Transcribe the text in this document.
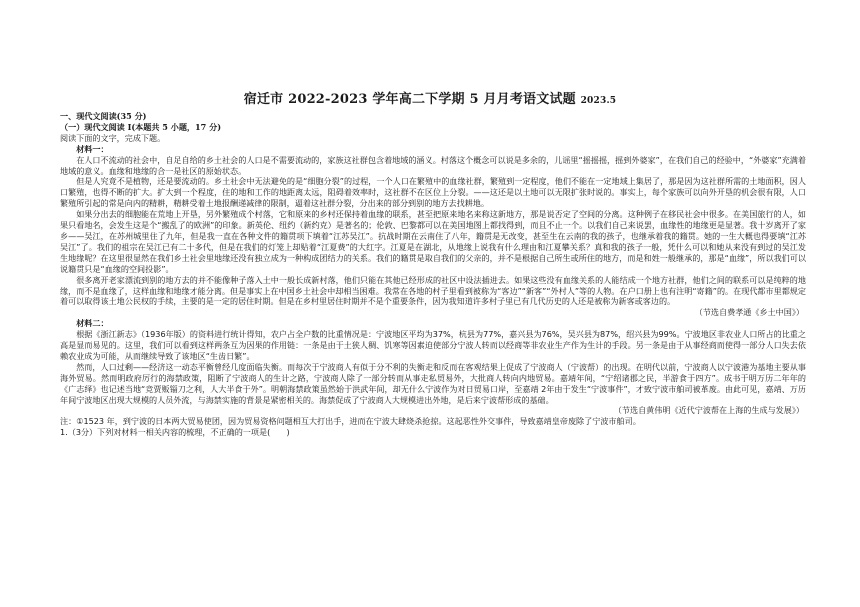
宿迁市 2022-2023 学年高二下学期 5 月月考语文试题 2023.5

一、现代文阅读(35 分)

（一）现代文阅读 I(本题共 5 小题，17 分)

阅读下面的文字，完成下题。

材料一：

在人口不流动的社会中，自足自给的乡土社会的人口是不需要流动的，家族这社群包含着地域的涵义。村落这个概念可以说是多余的，儿谣里“摇摇摇，摇到外婆家”，在我们自己的经验中，“外婆家”充满着地域的意义。血缘和地缘的合一是社区的原始状态。

但是人究竟不是植物，还是要流动的。乡土社会中无法避免的是“细胞分裂”的过程，一个人口在繁殖中的血缘社群，繁殖到一定程度，他们不能在一定地域上集居了，那是因为这社群所需的土地面积，因人口繁殖，也得不断的扩大。扩大到一个程度，住的地和工作的地距离太远，阻碍着效率时，这社群不在区位上分裂。——这还是以土地可以无限扩张时说的。事实上，每个家族可以向外开垦的机会很有限，人口繁殖所引起的常是向内的精耕，精耕受着土地报酬递减律的限制，逼着这社群分裂，分出来的部分到别的地方去找耕地。

如果分出去的细胞能在荒地上开垦，另外繁殖成个村落，它和原来的乡村还保持着血缘的联系，甚至把原来地名来称这新地方，那是说否定了空间的分离。这种例子在移民社会中很多。在美国旅行的人，如果只看地名，会发生这是个“搬乱了的欧洲”的印象。新英伦、纽约（新约克）是著名的；伦敦、巴黎都可以在美国地图上都找得到，而且不止一个。以我们自己来说罢，血缘性的地缘更是显著。我十岁离开了家乡——吴江，在苏州城里住了九年，但是我一直在各种文件的籍贯项下填着“江苏吴江”。抗战时期在云南住了八年，籍贯是无改变，甚至生在云南的我的孩子，也继承着我的籍贯。她的一生大概也得要填“江苏吴江”了。我们的祖宗在吴江已有二十多代，但是在我们的灯笼上却贴着“江夏费”的大红字。江夏是在湖北，从地缘上说我有什么理由和江夏攀关系？真和我的孩子一般，凭什么可以和她从来没有到过的吴江发生地缘呢？在这里很显然在我们乡土社会里地缘还没有独立成为一种构成团结力的关系。我们的籍贯是取自我们的父亲的，并不是根据自己所生或所住的地方，而是和姓一般继承的，那是“血缘”，所以我们可以说籍贯只是“血缘的空间投影”。

很多离开老家漂流到别的地方去的并不能像种子落入土中一般长成新村落，他们只能在其他已经形成的社区中设法插进去。如果这些没有血缘关系的人能结成一个地方社群，他们之间的联系可以是纯粹的地缘，而不是血缘了，这样血缘和地缘才能分离。但是事实上在中国乡土社会中却相当困难。我常在各地的村子里看到被称为“客边”“新客”“外村人”等的人物。在户口册上也有注明“寄籍”的。在现代都市里都规定着可以取得该土地公民权的手续，主要的是一定的居住时期。但是在乡村里居住时期并不是个重要条件，因为我知道许多村子里已有几代历史的人还是被称为新客或客边的。

（节选自费孝通《乡土中国》）

材料二：

根据《浙江新志》（1936年版）的资料进行统计得知，农户占全户数的比重情况是：宁波地区平均为37%，杭县为77%，嘉兴县为76%，吴兴县为87%，绍兴县为99%。宁波地区非农业人口所占的比重之高是显而易见的。这里，我们可以看到这样两条互为因果的作用链：一条是由于土狭人稠、饥寒等因素迫使部分宁波人转而以经商等非农业生产作为生计的手段。另一条是由于从事经商而使得一部分人口失去依赖农业成为可能，从而继续导致了该地区“生齿日繁”。

然而，人口过剩——经济这一动态平衡曾经几度面临失衡。而每次于宁波商人有似于分不利的失衡走和反而在客观结果上促成了宁波商人（宁波帮）的出现。在明代以前，宁波商人以宁波港为基地主要从事海外贸易。然而明政府厉行的海禁政策，阻断了宁波商人的生计之路，宁波商人除了一部分转而从事走私贸易外，大批商人转向内地贸易。嘉靖年间，“宁绍诸郡之民，半游食于四方”。成书于明万历二年年的《广志绎》也记述当地“竞贾贩锱刀之利，人大半食于外”。明朝海禁政策虽然始于洪武年间，却无什么宁波作为对日贸易口岸，至嘉靖 2年由于发生“宁波事件”，才致宁波市舶司被革废。由此可见，嘉靖、万历年间宁波地区出现大规模的人员外流，与海禁实施的背景是紧密相关的。海禁促成了宁波商人大规模进出外地，是后来宁波帮形成的基础。

（节选自黄伟明《近代宁波帮在上海的生成与发展》）

注：①1523 年，到宁波的日本两大贸易使团，因为贸易资格问题相互大打出手，进而在宁波大肆烧杀抢掠。这起恶性外交事件，导致嘉靖皇帝废除了宁波市舶司。

1.（3分）下列对材料一相关内容的梳理，不正确的一项是(　　)
